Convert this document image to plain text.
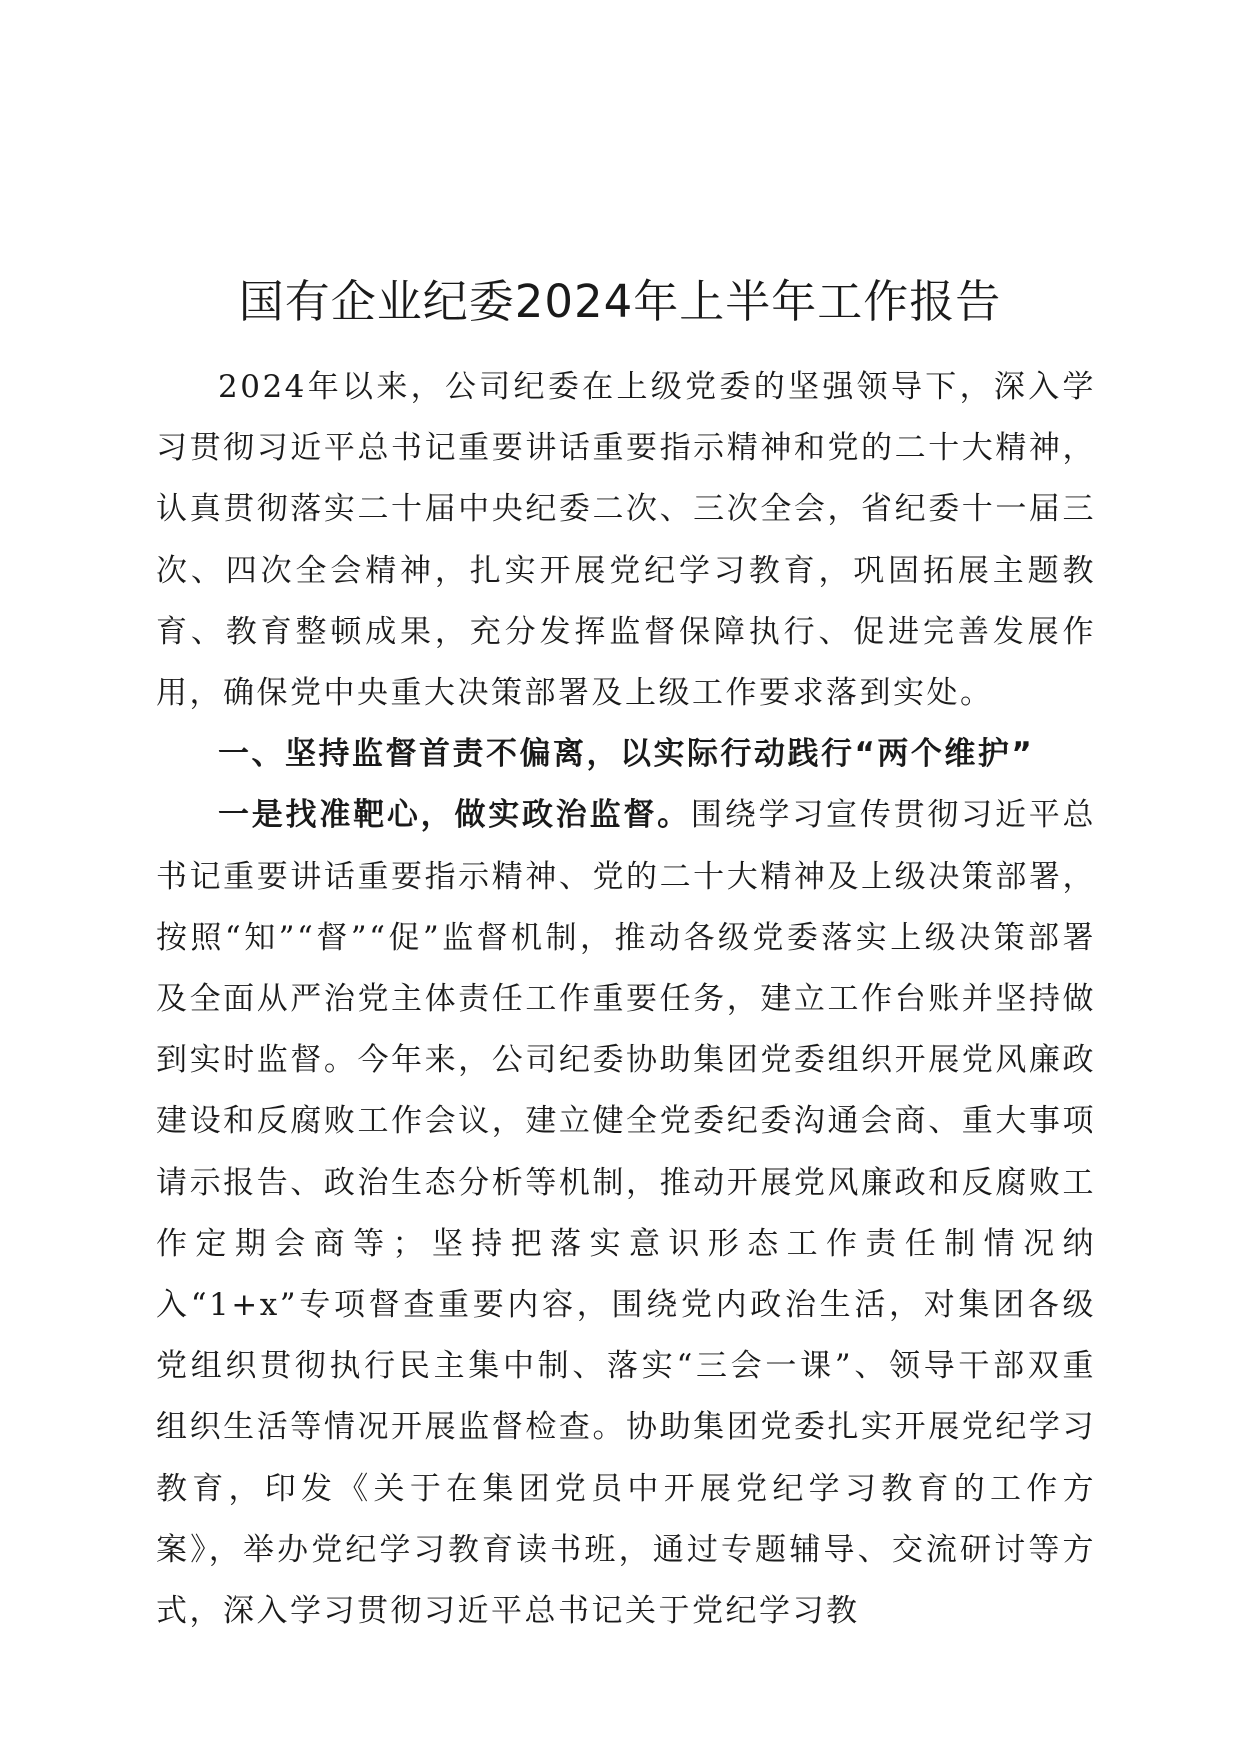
国有企业纪委2024年上半年工作报告

2024年以来，公司纪委在上级党委的坚强领导下，深入学习贯彻习近平总书记重要讲话重要指示精神和党的二十大精神，认真贯彻落实二十届中央纪委二次、三次全会，省纪委十一届三次、四次全会精神，扎实开展党纪学习教育，巩固拓展主题教育、教育整顿成果，充分发挥监督保障执行、促进完善发展作用，确保党中央重大决策部署及上级工作要求落到实处。

一、坚持监督首责不偏离，以实际行动践行“两个维护”

一是找准靶心，做实政治监督。围绕学习宣传贯彻习近平总书记重要讲话重要指示精神、党的二十大精神及上级决策部署，按照“知”“督”“促”监督机制，推动各级党委落实上级决策部署及全面从严治党主体责任工作重要任务，建立工作台账并坚持做到实时监督。今年来，公司纪委协助集团党委组织开展党风廉政建设和反腐败工作会议，建立健全党委纪委沟通会商、重大事项请示报告、政治生态分析等机制，推动开展党风廉政和反腐败工作定期会商等；坚持把落实意识形态工作责任制情况纳入“1+x”专项督查重要内容，围绕党内政治生活，对集团各级党组织贯彻执行民主集中制、落实“三会一课”、领导干部双重组织生活等情况开展监督检查。协助集团党委扎实开展党纪学习教育，印发《关于在集团党员中开展党纪学习教育的工作方案》，举办党纪学习教育读书班，通过专题辅导、交流研讨等方式，深入学习贯彻习近平总书记关于党纪学习教
